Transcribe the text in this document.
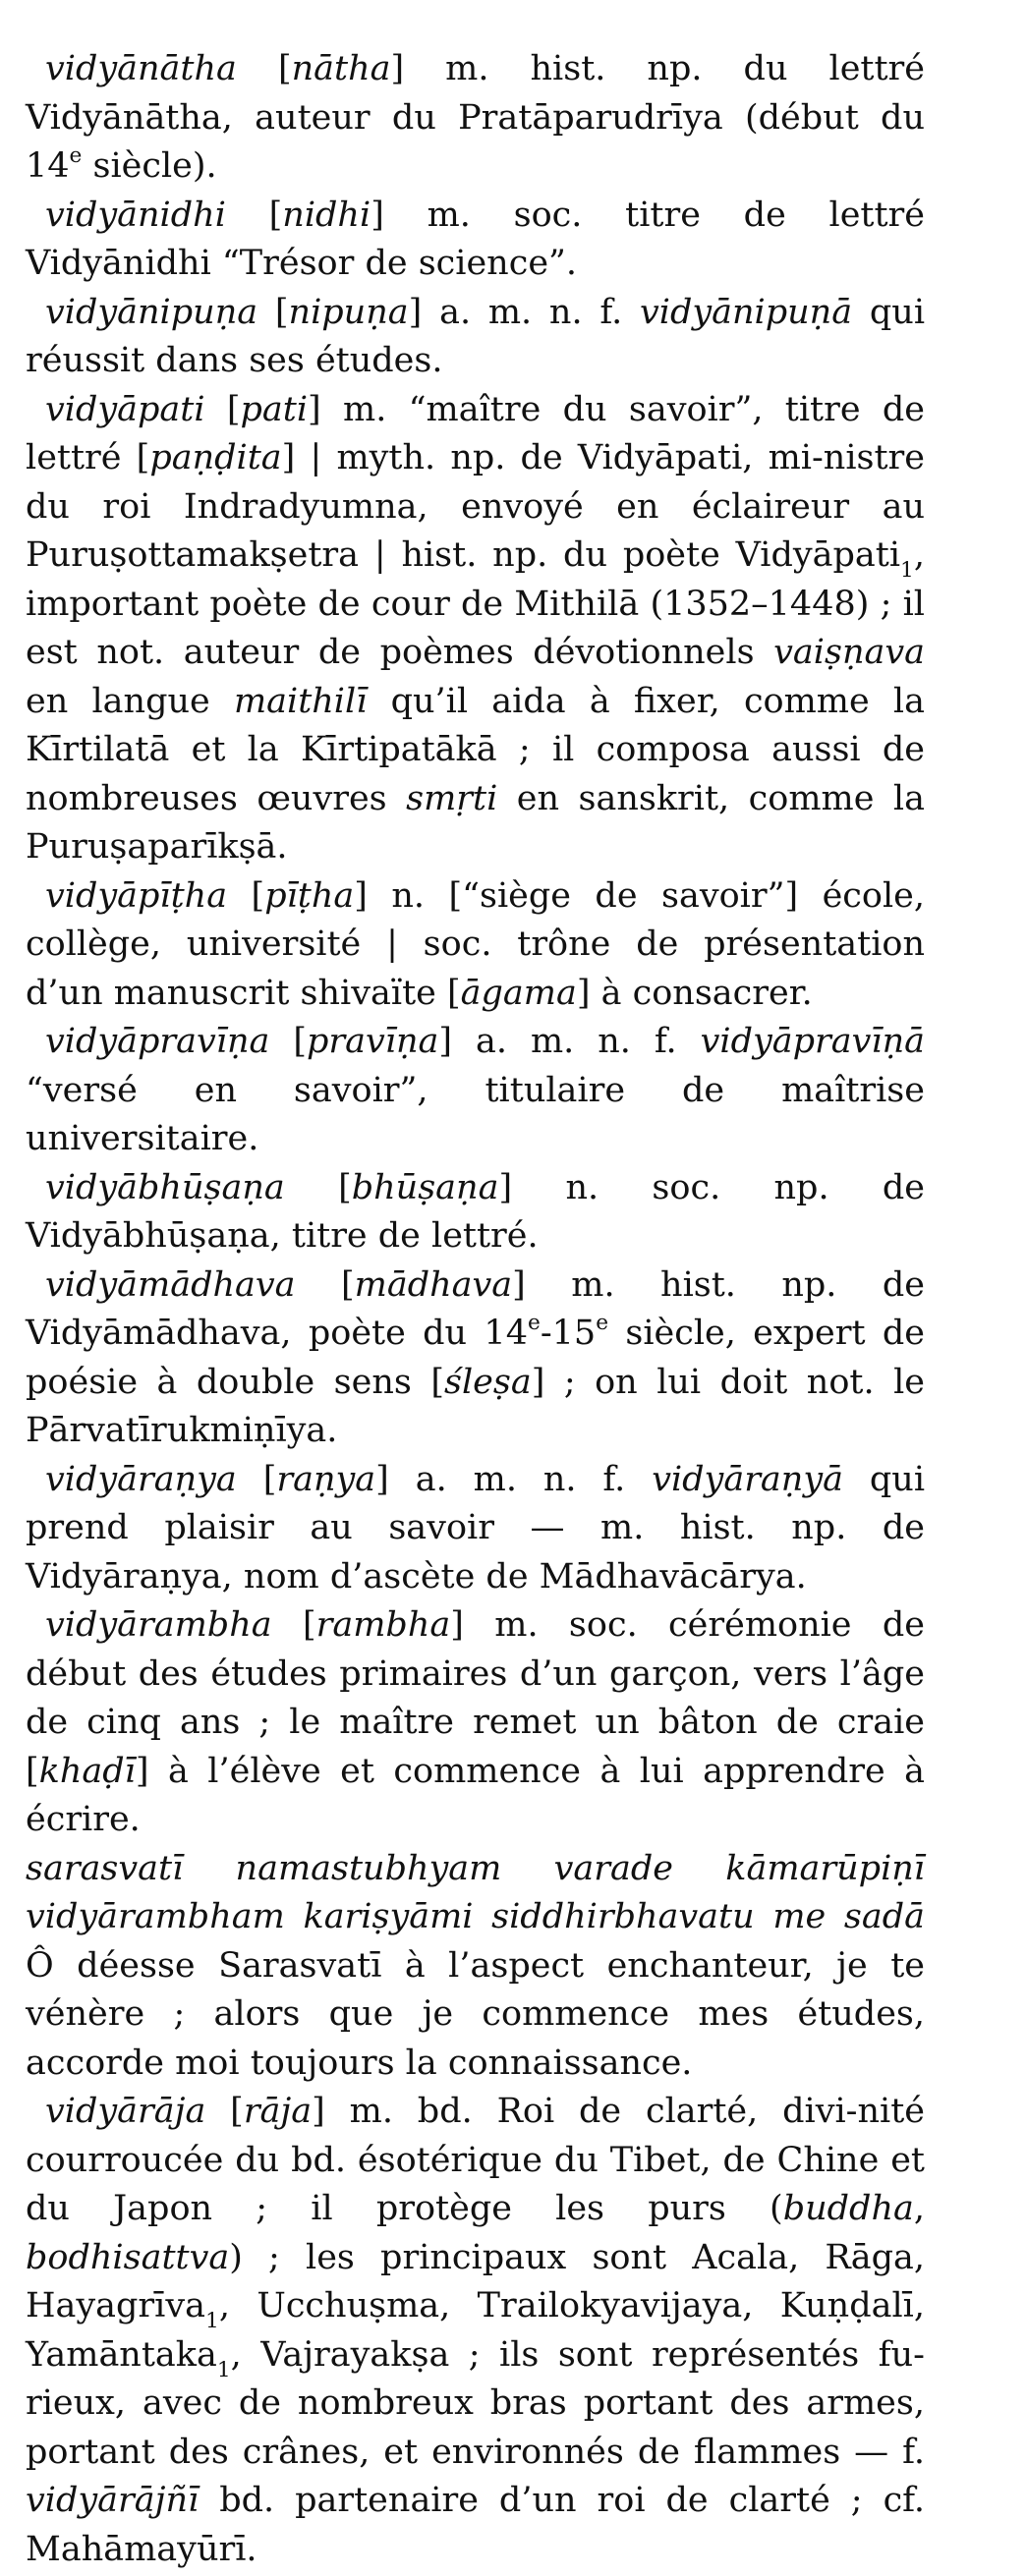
vidyānātha [nātha] m. hist. np. du lettré Vidyānātha, auteur du Pratāparudrīya (début du 14e siècle).

vidyānidhi [nidhi] m. soc. titre de lettré Vidyānidhi “Trésor de science”.

vidyānipuṇa [nipuṇa] a. m. n. f. vidyānipuṇā qui réussit dans ses études.

vidyāpati [pati] m. “maître du savoir”, titre de lettré [paṇḍita] | myth. np. de Vidyāpati, mi-nistre du roi Indradyumna, envoyé en éclaireur au Puruṣottamakṣetra | hist. np. du poète Vidyāpati$_1$, important poète de cour de Mithilā (1352–1448) ; il est not. auteur de poèmes dévotionnels vaiṣṇava en langue maithilī qu’il aida à fixer, comme la Kīrtilatā et la Kīrtipatākā ; il composa aussi de nombreuses œuvres smṛti en sanskrit, comme la Puruṣaparīkṣā.

vidyāpīṭha [pīṭha] n. [“siège de savoir”] école, collège, université | soc. trône de présentation d’un manuscrit shivaïte [āgama] à consacrer.

vidyāpravīṇa [pravīṇa] a. m. n. f. vidyāpravīṇā “versé en savoir”, titulaire de maîtrise universitaire.

vidyābhūṣaṇa [bhūṣaṇa] n. soc. np. de Vidyābhūṣaṇa, titre de lettré.

vidyāmādhava [mādhava] m. hist. np. de Vidyāmādhava, poète du 14e-15e siècle, expert de poésie à double sens [śleṣa] ; on lui doit not. le Pārvatīrukmiṇīya.

vidyāraṇya [raṇya] a. m. n. f. vidyāraṇyā qui prend plaisir au savoir — m. hist. np. de Vidyāraṇya, nom d’ascète de Mādhavācārya.

vidyārambha [rambha] m. soc. cérémonie de début des études primaires d’un garçon, vers l’âge de cinq ans ; le maître remet un bâton de craie [khaḍī] à l’élève et commence à lui apprendre à écrire.

sarasvatī namastubhyam varade kāmarūpiṇī

vidyārambham kariṣyāmi siddhirbhavatu me sadā

Ô déesse Sarasvatī à l’aspect enchanteur, je te vénère ; alors que je commence mes études, accorde moi toujours la connaissance.

vidyārāja [rāja] m. bd. Roi de clarté, divi-nité courroucée du bd. ésotérique du Tibet, de Chine et du Japon ; il protège les purs (buddha, bodhisattva) ; les principaux sont Acala, Rāga, Hayagrīva$_1$, Ucchuṣma, Trailokyavijaya, Kuṇḍalī, Yamāntaka$_1$, Vajrayakṣa ; ils sont représentés fu-rieux, avec de nombreux bras portant des armes, portant des crânes, et environnés de flammes — f. vidyārājñī bd. partenaire d’un roi de clarté ; cf. Mahāmayūrī.
